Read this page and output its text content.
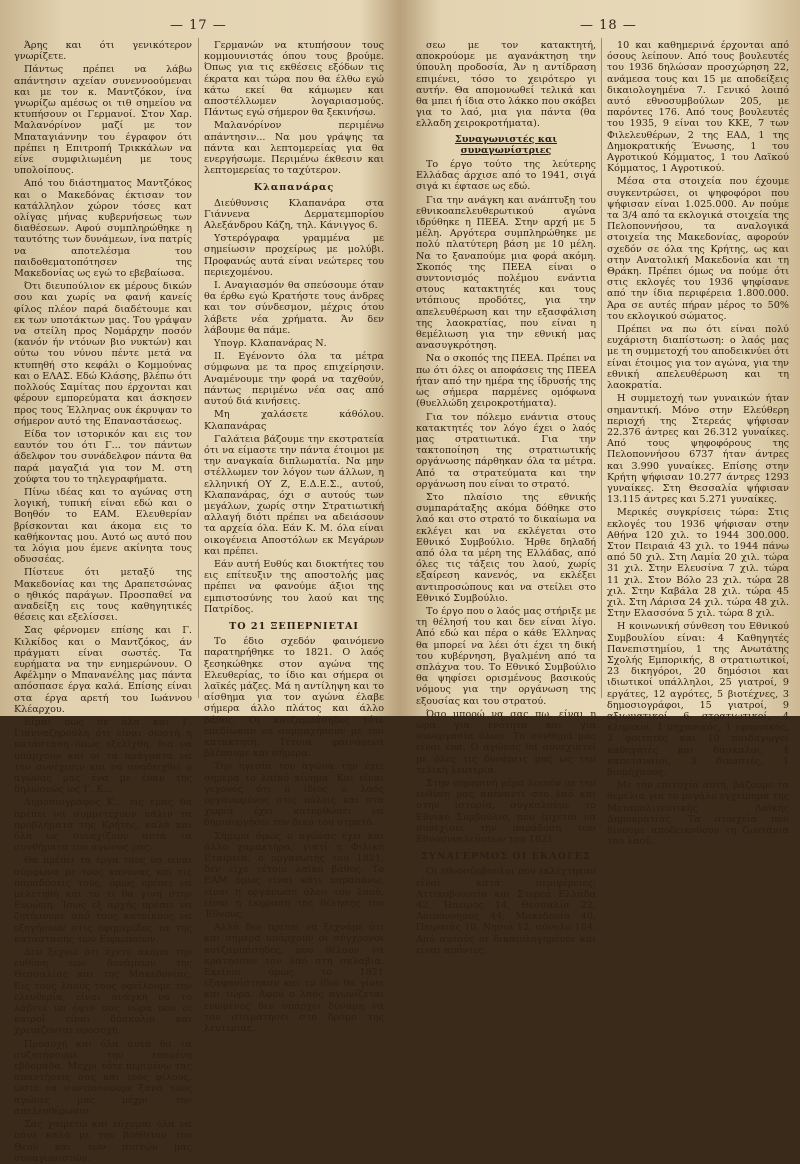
— 17 —

Άρης και ότι γενικότερον γνωρίζετε.

Πάντως πρέπει να λάβω απάντησιν αχείαν συνεννοούμεναι και με τον κ. Μαντζόκον, ίνα γνωρίζω αμέσως οι τιθ σημείου να κτυπήσουν οι Γερμανοί. Στον Χαρ. Μαλανόρίνον μαζί με τον Μπαταγιάννην του έγραφον ότι πρέπει η Επιτροπή Τρικκάλων να είνε συμφιλιωμένη με τους υπολοίπους.

Από του διάστηματος Μαντζόκος και ο Μακεδόνας έκτισαν τον κατάλληλον χώρον τόσες κατ ολίγας μήνας κυβερνήσεως των διαθέσεων. Αφού συμπληρώθηκε η ταυτότης των δυνάμεων, ίνα πατρίς να αποτελέσμα του παιδοθεματοπότησεν της Μακεδονίας ως εγώ το εβεβαίωσα.

Ότι διευπούλιον εκ μέρους δικών σου και χωρίς να φανή κανείς φίλος πλέον παρά διαδέτουμε και εκ των υποτάκτων μας. Του γράψαν να στείλη προς Νομάρχην ποσόν (κανόν ήν ντόνων βιο νυκτών) και ούτω του νύνου πέντε μετά να κτυπηθή στο κεφάλι ο Κομμούνας και ο ΕΛΑΣ. Εδώ Κλάσης, βλέπω ότι πολλούς Σαμίτας που έρχονται και φέρουν εμπορεύματα και άσκησεν προς τους Έλληνας ουκ έκρυψαν το σήμερον αυτό της Επαναστάσεως.

Είδα τον ιστορικόν και εις τον εαυτόν του ότι Γ... τον πάντων άδελφον του συνάδελφον πάντα θα παρά μαγαζιά για τον Μ. στη χούφτα του το τηλεγραφήματα.

Πίνω ιδέας και το αγώνας στη λογική, τυπική είναι εδώ και ο Βοηθόν το ΕΑΜ. Ελευθερίαν βρίσκονται και άκομα εις το καθήκοντας μου. Αυτό ως αυτό που τα λόγια μου έμενε ακίνητα τους οδυσσέας.

Πίστευε ότι μεταξύ της Μακεδονίας και της Δραπετσώνας ο ηθικός παράγων. Προσπαθεί να αναδείξη εις τους καθηγητικές θέσεις και εξελίσσει.

Σας φέρνομεν επίσης και Γ. Κιλκίδος και ο Μαντζόκος, άν πράγματι είναι σωστές. Τα ευρήματα να την ενημερώνουν. Ο Αφέλμην ο Μπανανέλης μας πάντα απόσπασε έργα καλά. Επίσης είναι στα έργα αρετή του Ιωάννου Κλέαρχου.

Είμαι πως σε όλα και Γ. Γιανναζηρούλη ότι είναι σωστή η κατάσταση όπως εξελίχθη, δια να υπάρχουν και οι τα πράγματα να την συνέχισιν και να αναδειχθεί ο αγώνας μας ένα με έναν της δηλώσεώς ως Γ. Κ...

Δημοσιογράφος Κ... εις εμάς θα πρέπει να συμμετέχουν πάλιν τα προβλήματα της Κρήτης, καλά και όλα ως συνεχίζουν αυτά τα συνθήματα του αγώνος μας.

Θα πρέπει τα έργα τους να είναι σύμφωνα με τους κανόνας και τις παραδόσεις τους, όμως πρέπει να μελετηθή και το τι θα γίνη στην Ευρώπη. Ίσως εξ αρχής πρέπει να ζητήσουμε από τους κατοίκους να εξηγήσουν στις εφημερίδες τα της κατάστασης των Ευρωπαίων.

Δεν ξεχνώ ότι έχετε ακόμα την ευθύνη των δυνάμεων της Θεσσαλίας και της Μακεδονίας. Εις τους λαούς τους οφείλουμε την ελευθερία, είναι ανάγκη να το λάβετε υπ όψιν σας τώρα που οι καιροί είναι δύσκολοι και χρειάζονται προσοχή.

Προσοχή και όλα αυτά θα τα συζητήσουμε την επομένη εβδομάδα. Μέχρι τότε περιμένω τας απαντήσεις σας και τους φίλους, ώστε να συντονίσουμε ξανά τους αγώνες μας μέχρι την απελευθέρωσιν.

Σας χαιρετώ και εύχομαι όλα να πάνε καλά με την βοήθειαν του Θεού και των πιστών μας συναγωνιστών.

Γερμανών να κτυπήσουν τους κομμουνιστάς όπου τους βρούμε. Όπως για τις εκθέσεις εξόδων τις έκρατα και τώρα που θα έλθω εγώ κάτω εκεί θα κάμωμεν και αποστέλλωμεν λογαριασμούς. Πάντως εγώ σήμερον θα ξεκινήσω.

Μαλανόρίνον περιμένω απάντησιν... Να μου γράψης τα πάντα και λεπτομερείας για θα ενεργήσωμε. Περιμένω έκθεσιν και λεπτομερείας το ταχύτερον.

Κλαπανάρας

Διεύθυνσις Κλαπανάρα στα Γιάννενα Δερματεμπορίου Αλεξάνδρου Κάζη, τηλ. Κάνιγγος 6.

Υστερόγραφα γραμμένα με σημείωσιν προχείρως με μολύβι. Προφανώς αυτά είναι νεώτερες του περιεχομένου.

Ι. Αναγιασμόν θα σπεύσουμε όταν θα έρθω εγώ Κρατήστε τους άνδρες και τον σύνδεσμον, μέχρις ότου λάβετε νέα χρήματα. Άν δεν λάβουμε θα πάμε.

Υπογρ. Κλαπανάρας Ν.

ΙΙ. Εγένοντο όλα τα μέτρα σύμφωνα με τα προς επιχείρησιν. Αναμένουμε την φορά να ταχθούν, πάντως περιμένω νέα σας από αυτού διά κινήσεις.

Μη χαλάσετε κάθόλου. Κλαπανάρας

Γαλάτεια βάζουμε την εκστρατεία ότι να είμαστε την πάντα έτοιμοι με την αναγκαία διπλωματία. Να μην στέλλωμεν τον λόγον των άλλων, η ελληνική ΟΥ Ζ, Ε.Δ.Ε.Σ., αυτού, Κλαπανάρας, όχι σ αυτούς των μεγάλων, χωρίς στην Στρατιωτική αλλαγή διότι πρέπει να αδειάσουν τα αρχεία όλα. Εάν Κ. Μ. όλα είναι οικογένεια Αποστόλων εκ Μεγάρων και πρέπει.

Εάν αυτή Ευθύς και διοκτήτες του εις επίτευξιν της αποστολής μας πρέπει να φανούμε άξιοι της εμπιστοσύνης του λαού και της Πατρίδος.

ΤΟ 21 ΞΕΠΕΡΝΙΕΤΑΙ

Το έδιο σχεδόν φαινόμενο παρατηρήθηκε το 1821. Ο λαός ξεσηκώθηκε στον αγώνα της Ελευθερίας, το ίδιο και σήμερα οι λαϊκές μάζες. Μά η αντίληψη και το αίσθημα για τον αγώνα έλαβε σήμερα άλλο πλάτος και άλλο βάθος. Οι κοτζαμπάσηδες τότε επεδίωκαν να συμμαχήσουν με τον κατακτητή. Τέτοια φαινόμενα βλέπουμε και σήμερα.

Την ηγεσία του αγώνα την έχει σήμερα το λαϊκό κίνημα. Και είναι γεγονός ότι ο ίδιος ο λαός οργανωμένος στις πόλεις και στα χωριά έχει κατορθώσει να δημιουργήσει τον δικό του στρατό.

Σήμερα όμως ο αγώνας έχει και άλλο χαρακτήρα, γιατί η Φιλική Εταιρεία, ο οργανωτής του 1821, δεν είχε τέτοιο λαϊκό βάθος. Το ΕΑΜ όμως είναι κάτι παραπάνω, είναι η οργάνωση όλου του λαού, είναι η έκφραση της θέλησης του Έθνους.

Αλλά δεν πρέπει να ξεχνάμε ότι και σήμερα υπάρχουν οι σύγχρονοι κοτζαμπάσηδες, που θέλουν να κρατήσουν τον λαό στη σκλαβιά. Εκείνοι όμως το 1821 εξαφανίστηκαν και το ίδιο θα γίνει και τώρα. Αφού ο λαός αγωνίζεται ενωμένος δεν υπάρχει δύναμη να τον σταματήσει στο δρόμο της λευτεριάς.

— 18 —

σεω με τον κατακτητή, αποκρούομε με αγανάκτηση την ύπουλη προδοσία, Άν η αντίδραση επιμένει, τόσο το χειρότερο γι αυτήν. Θα απομονωθεί τελικά και θα μπει ή ίδια στο λάκκο που σκάβει για το λαό, μια για πάντα (θα ελλαδη χειροκροτήματα).

Συναγωνιστές και συναγωνίστριες

Το έργο τούτο της λεύτερης Ελλάδας άρχισε από το 1941, σιγά σιγά κι έφτασε ως εδώ.

Για την ανάγκη και ανάπτυξη του εθνικοαπελευθερωτικού αγώνα ιδρύθηκε η ΠΕΕΑ. Στην αρχή με 5 μέλη. Αργότερα συμπληρώθηκε με πολύ πλατύτερη βάση με 10 μέλη. Να το ξαναπούμε μια φορά ακόμη. Σκοπός της ΠΕΕΑ είναι ο συντονισμός πολέμου ενάντια στους κατακτητές και τους ντόπιους προδότες, για την απελευθέρωση και την εξασφάλιση της λαοκρατίας, που είναι η θεμέλιωση για την εθνική μας ανασυγκρότηση.

Να ο σκοπός της ΠΕΕΑ. Πρέπει να πω ότι όλες οι αποφάσεις της ΠΕΕΑ ήταν από την ημέρα της ίδρυσής της ως σήμερα παρμένες ομόφωνα (θυελλώδη χειροκροτήματα).

Για τον πόλεμο ενάντια στους κατακτητές τον λόγο έχει ο λαός μας στρατιωτικά. Για την τακτοποίηση της στρατιωτικής οργάνωσης πάρθηκαν όλα τα μέτρα. Από τα στρατεύματα και την οργάνωση που είναι το στρατό.

Στο πλαίσιο της εθνικής συμπαράταξης ακόμα δόθηκε στο λαό και στο στρατό το δικαίωμα να εκλέγει και να εκλέγεται στο Εθνικό Συμβούλιο. Ήρθε δηλαδή από όλα τα μέρη της Ελλάδας, από όλες τις τάξεις του λαού, χωρίς εξαίρεση κανενός, να εκλέξει αντιπροσώπους και να στείλει στο Εθνικό Συμβούλιο.

Το έργο που ο λαός μας στήριξε με τη θέλησή του και δεν είναι λίγο. Από εδώ και πέρα ο κάθε Έλληνας θα μπορεί να λέει ότι έχει τη δική του κυβέρνηση, βγαλμένη από τα σπλάχνα του. Το Εθνικό Συμβούλιο θα ψηφίσει ορισμένους βασικούς νόμους για την οργάνωση της εξουσίας και του στρατού.

Όσο μπορώ να σας πω, είναι η ώρα για ενότητα και για συνεργασία όλων. Το σύνθημά μας είναι ένα. Ο αγώνας θα συνεχιστεί με όλες τις δυνάμεις μας ως την τελική λευτεριά.

Στην σημερινή μέρα λοιπόν με την ευθύνη μας απέναντι στο λαό και στην ιστορία, συγκαλούμε το Εθνικό Συμβούλιο, που έρχεται να συνεχίσει την παράδοση των Εθνοσυνελεύσεων του 1821.

ΣΥΝΑΓΕΡΜΟΣ ΟΙ ΕΚΛΟΓΕΣ

Οι εθνοσύμβουλοι που εκλέχτηκαν είναι κατά περιφέρειες: Αττικοβοιωτία και Στερεά Ελλάδα 42, Ήπειρος 14, Θεσσαλία 22, Λοιπόννησος 44, Μακεδονία 40, Πειραιάς 10, Νησιά 12, σύνολο 184. Από αυτούς οι δικαιολογημένοι και είναι απόντες.

10 και καθημερινά έρχονται από όσους λείπουν. Από τους βουλευτές του 1936 δηλώσαν προσχώρηση 22, ανάμεσα τους και 15 με αποδείξεις δικαιολογημένα 7. Γενικό λοιπό αυτό εθνοσυμβούλων 205, με παρόντες 176. Από τους βουλευτές του 1935, 9 είναι του ΚΚΕ, 7 των Φιλελευθέρων, 2 της ΕΑΔ, 1 της Δημοκρατικής Ένωσης, 1 του Αγροτικού Κόμματος, 1 του Λαϊκού Κόμματος, 1 Αγροτικού.

Μέσα στα στοιχεία που έχουμε συγκεντρώσει, οι ψηφοφόροι που ψήφισαν είναι 1.025.000. Αν πούμε τα 3/4 από τα εκλογικά στοιχεία της Πελοποννήσου, τα αναλογικά στοιχεία της Μακεδονίας, αφορούν σχεδόν σε όλα της Κρήτης, ως και στην Ανατολική Μακεδονία και τη Θράκη. Πρέπει όμως να πούμε ότι στις εκλογές του 1936 ψηφίσανε από την ίδια περιφέρεια 1.800.000. Άρα σε αυτές πήραν μέρος το 50% του εκλογικού σώματος.

Πρέπει να πω ότι είναι πολύ ευχάριστη διαπίστωση: ο λαός μας με τη συμμετοχή του αποδεικνύει ότι είναι έτοιμος για τον αγώνα, για την εθνική απελευθέρωση και τη λαοκρατία.

Η συμμετοχή των γυναικών ήταν σημαντική. Μόνο στην Ελεύθερη περιοχή της Στερεάς ψήφισαν 22.376 άντρες και 26.312 γυναίκες. Από τους ψηφοφόρους της Πελοποννήσου 6737 ήταν άντρες και 3.990 γυναίκες. Επίσης στην Κρήτη ψήφισαν 10.277 άντρες 1293 γυναίκες. Στη Θεσσαλία ψήφισαν 13.115 άντρες και 5.271 γυναίκες.

Μερικές συγκρίσεις τώρα: Στις εκλογές του 1936 ψήφισαν στην Αθήνα 120 χιλ. το 1944 300.000. Στον Πειραιά 43 χιλ. το 1944 πάνω από 50 χιλ. Στη Λαμία 20 χιλ. τώρα 31 χιλ. Στην Ελευσίνα 7 χιλ. τώρα 11 χιλ. Στον Βόλο 23 χιλ. τώρα 28 χιλ. Στην Καβάλα 28 χιλ. τώρα 45 χιλ. Στη Λάρισα 24 χιλ. τώρα 48 χιλ. Στην Ελασσόνα 5 χιλ. τώρα 8 χιλ.

Η κοινωνική σύνθεση του Εθνικού Συμβουλίου είναι: 4 Καθηγητές Πανεπιστημίου, 1 της Ανωτάτης Σχολής Εμπορικής, 8 στρατιωτικοί, 23 δικηγόροι, 20 δημόσιοι και ιδιωτικοί υπάλληλοι, 25 γιατροί, 9 εργάτες, 12 αγρότες, 5 βιοτέχνες, 3 δημοσιογράφοι, 15 γιατροί, 9 αξιωματικοί, 6 στρατιωτικοί, 4 κληρικοί, 1 μηχανικός, 1 εφοριακός, 2 φοιτητές και 10 παιδαγωγοί καθηγητές και δάσκαλοι, 4 καπεταναίοι, 3 δικαστές, 1 βιομήχανος.

Με την επιτυχία αυτή, βάζουμε τα θεμέλια για το μεγάλο εγχείρημα της Μεταπολιτευτικής Λαϊκής Δημοκρατίας. Τα στοιχεία που δίνουμε αποδεικνύουν τη ζωντάνια του λαού.
